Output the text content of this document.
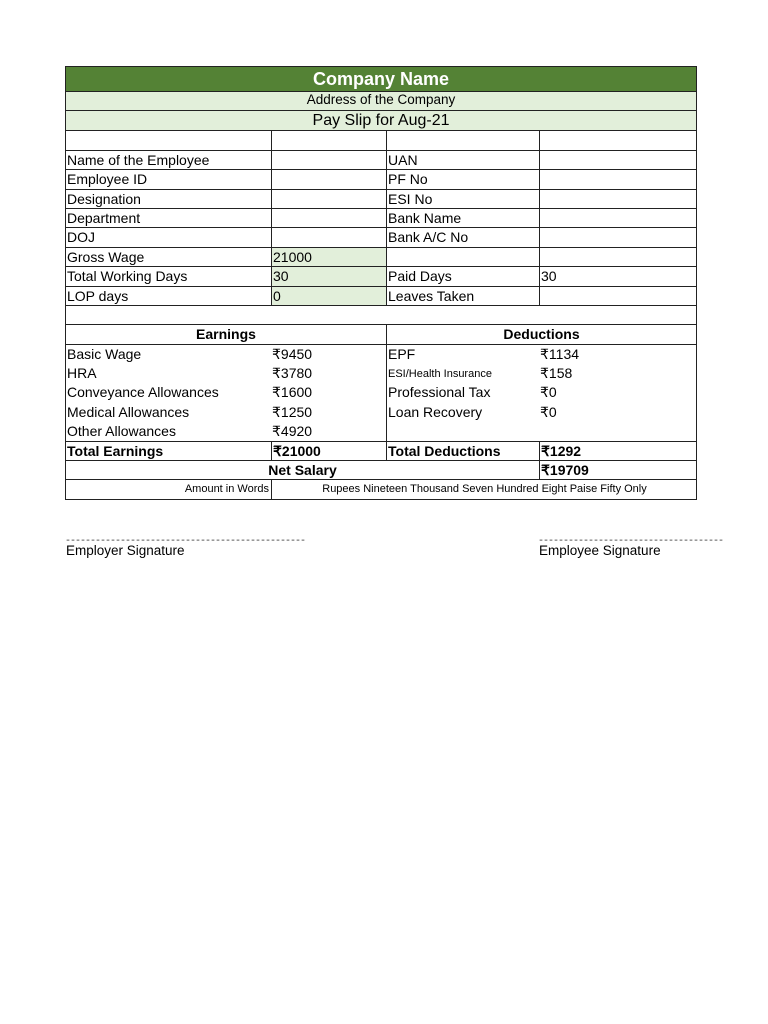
Company Name
Address of the Company
Pay Slip for Aug-21
Name of the Employee	UAN
Employee ID	PF No
Designation	ESI No
Department	Bank Name
DOJ	Bank A/C No
Gross Wage	21000
Total Working Days	30	Paid Days	30
LOP days	0	Leaves Taken
Earnings	Deductions
Basic Wage	₹9450	EPF	₹1134
HRA	₹3780	ESI/Health Insurance	₹158
Conveyance Allowances	₹1600	Professional Tax	₹0
Medical Allowances	₹1250	Loan Recovery	₹0
Other Allowances	₹4920
Total Earnings	₹21000	Total Deductions	₹1292
Net Salary	₹19709
Amount in Words	Rupees Nineteen Thousand Seven Hundred Eight Paise Fifty Only
------------------------------------------------
Employer Signature
-------------------------------------
Employee Signature
